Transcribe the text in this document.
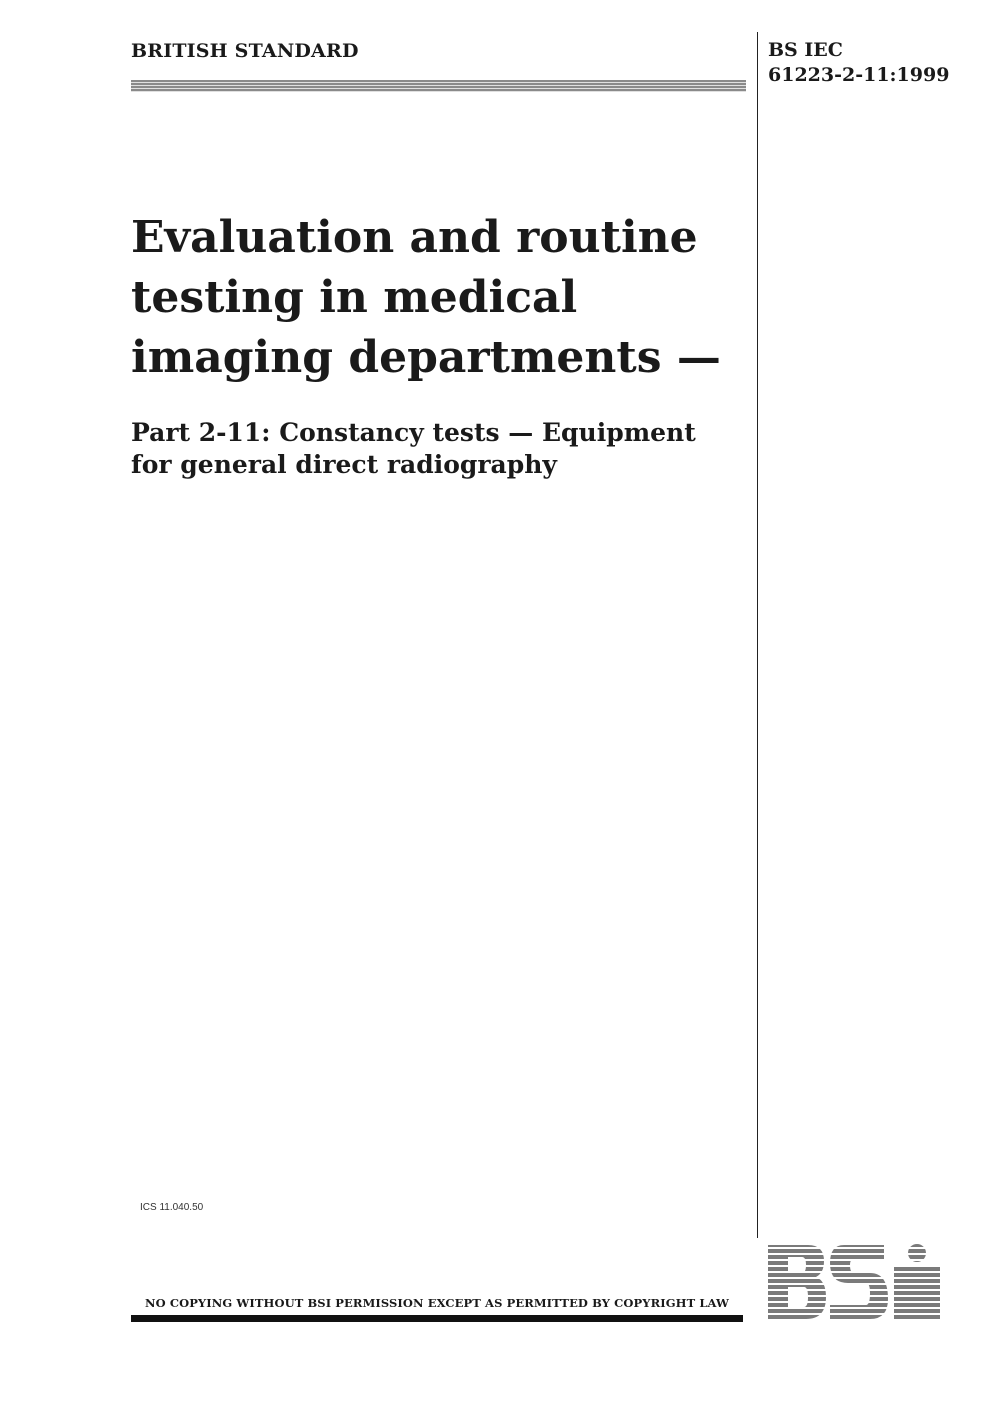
BRITISH STANDARD	BS IEC
61223-2-11:1999
Evaluation and routine testing in medical imaging departments —
Part 2-11: Constancy tests — Equipment for general direct radiography
ICS 11.040.50
NO COPYING WITHOUT BSI PERMISSION EXCEPT AS PERMITTED BY COPYRIGHT LAW
